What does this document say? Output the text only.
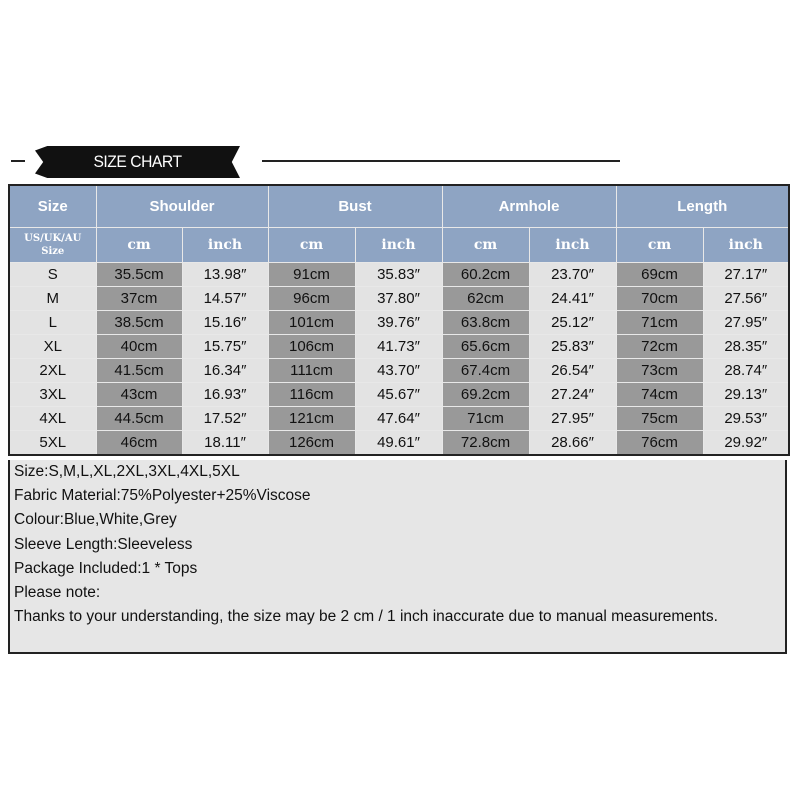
SIZE CHART
Size	Shoulder		Bust		Armhole		Length	
US/UK/AU
Size	cm	inch	cm	inch	cm	inch	cm	inch
S	35.5cm	13.98″	91cm	35.83″	60.2cm	23.70″	69cm	27.17″
M	37cm	14.57″	96cm	37.80″	62cm	24.41″	70cm	27.56″
L	38.5cm	15.16″	101cm	39.76″	63.8cm	25.12″	71cm	27.95″
XL	40cm	15.75″	106cm	41.73″	65.6cm	25.83″	72cm	28.35″
2XL	41.5cm	16.34″	111cm	43.70″	67.4cm	26.54″	73cm	28.74″
3XL	43cm	16.93″	116cm	45.67″	69.2cm	27.24″	74cm	29.13″
4XL	44.5cm	17.52″	121cm	47.64″	71cm	27.95″	75cm	29.53″
5XL	46cm	18.11″	126cm	49.61″	72.8cm	28.66″	76cm	29.92″
Size:S,M,L,XL,2XL,3XL,4XL,5XL
Fabric Material:75%Polyester+25%Viscose
Colour:Blue,White,Grey
Sleeve Length:Sleeveless
Package Included:1 * Tops
Please note:
Thanks to your understanding, the size may be 2 cm / 1 inch inaccurate due to manual measurements.
